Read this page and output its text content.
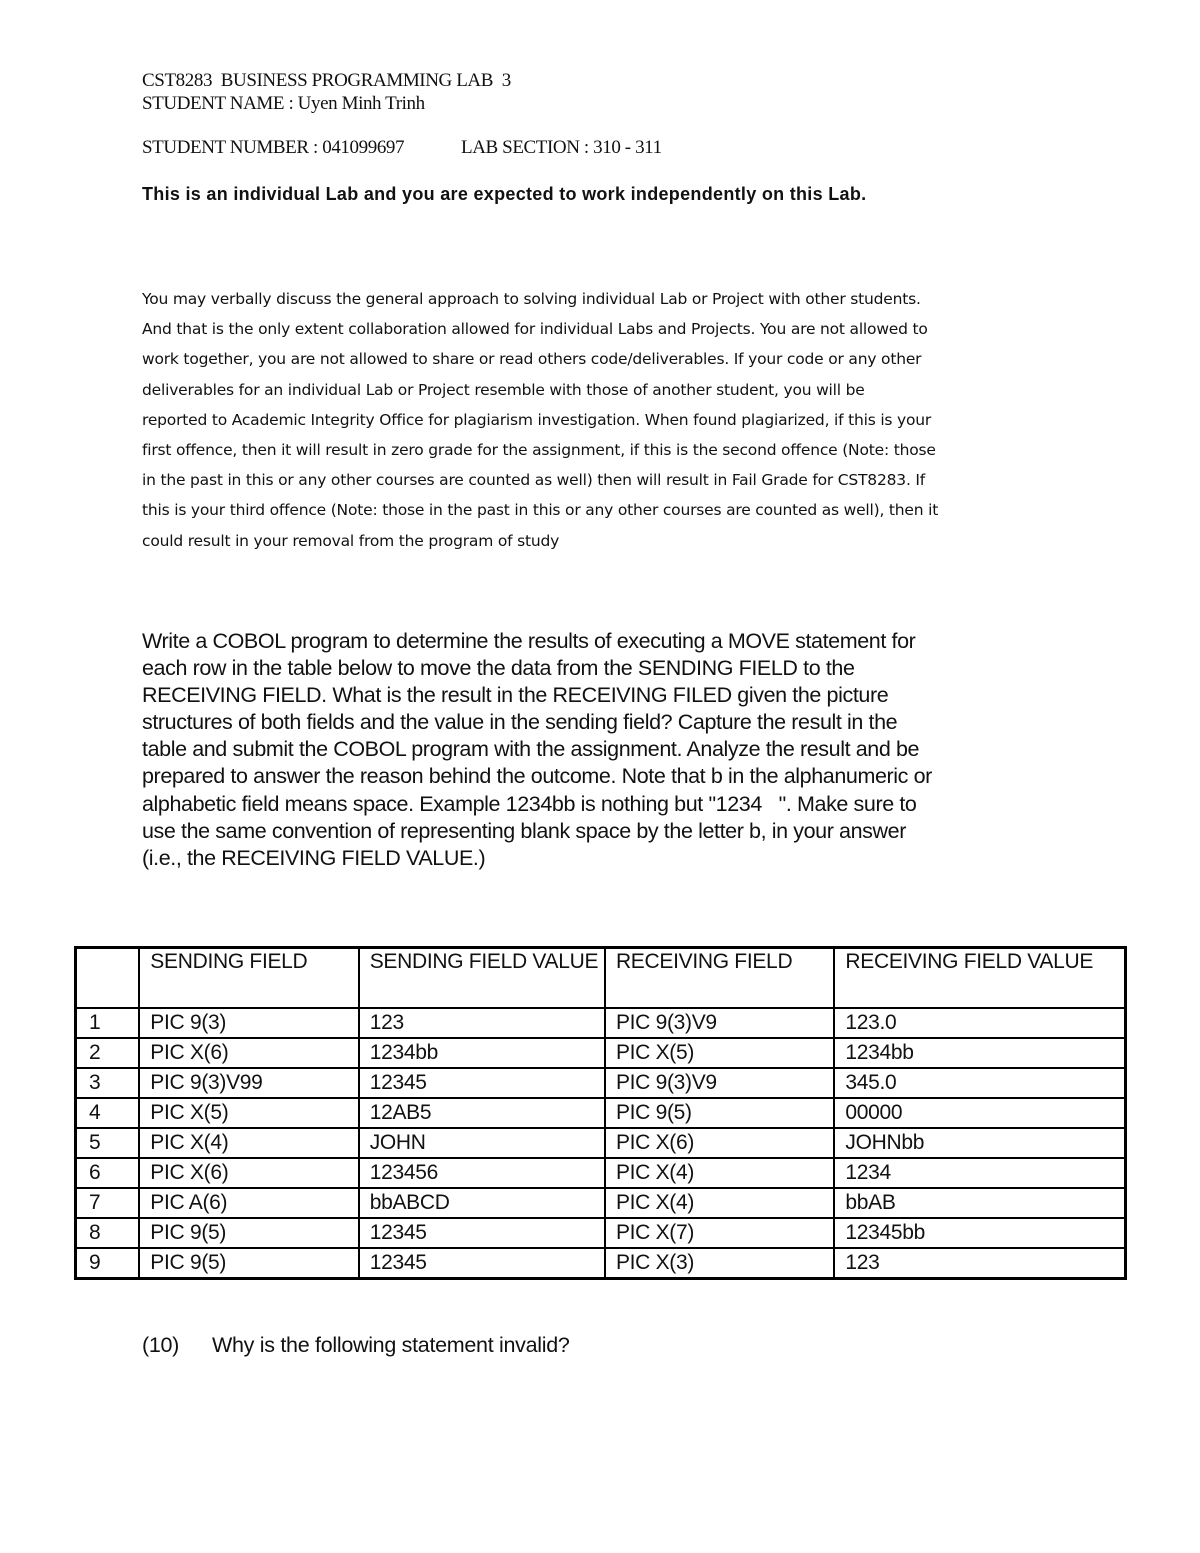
CST8283  BUSINESS PROGRAMMING LAB  3
STUDENT NAME : Uyen Minh Trinh
STUDENT NUMBER : 041099697	LAB SECTION : 310 - 311
This is an individual Lab and you are expected to work independently on this Lab.
You may verbally discuss the general approach to solving individual Lab or Project with other students.
And that is the only extent collaboration allowed for individual Labs and Projects. You are not allowed to
work together, you are not allowed to share or read others code/deliverables. If your code or any other
deliverables for an individual Lab or Project resemble with those of another student, you will be
reported to Academic Integrity Office for plagiarism investigation. When found plagiarized, if this is your
first offence, then it will result in zero grade for the assignment, if this is the second offence (Note: those
in the past in this or any other courses are counted as well) then will result in Fail Grade for CST8283. If
this is your third offence (Note: those in the past in this or any other courses are counted as well), then it
could result in your removal from the program of study
Write a COBOL program to determine the results of executing a MOVE statement for
each row in the table below to move the data from the SENDING FIELD to the
RECEIVING FIELD. What is the result in the RECEIVING FILED given the picture
structures of both fields and the value in the sending field? Capture the result in the
table and submit the COBOL program with the assignment. Analyze the result and be
prepared to answer the reason behind the outcome. Note that b in the alphanumeric or
alphabetic field means space. Example 1234bb is nothing but "1234   ". Make sure to
use the same convention of representing blank space by the letter b, in your answer
(i.e., the RECEIVING FIELD VALUE.)
	SENDING FIELD	SENDING FIELD VALUE	RECEIVING FIELD	RECEIVING FIELD VALUE
1	PIC 9(3)	123	PIC 9(3)V9	123.0
2	PIC X(6)	1234bb	PIC X(5)	1234bb
3	PIC 9(3)V99	12345	PIC 9(3)V9	345.0
4	PIC X(5)	12AB5	PIC 9(5)	00000
5	PIC X(4)	JOHN	PIC X(6)	JOHNbb
6	PIC X(6)	123456	PIC X(4)	1234
7	PIC A(6)	bbABCD	PIC X(4)	bbAB
8	PIC 9(5)	12345	PIC X(7)	12345bb
9	PIC 9(5)	12345	PIC X(3)	123
(10) Why is the following statement invalid?
